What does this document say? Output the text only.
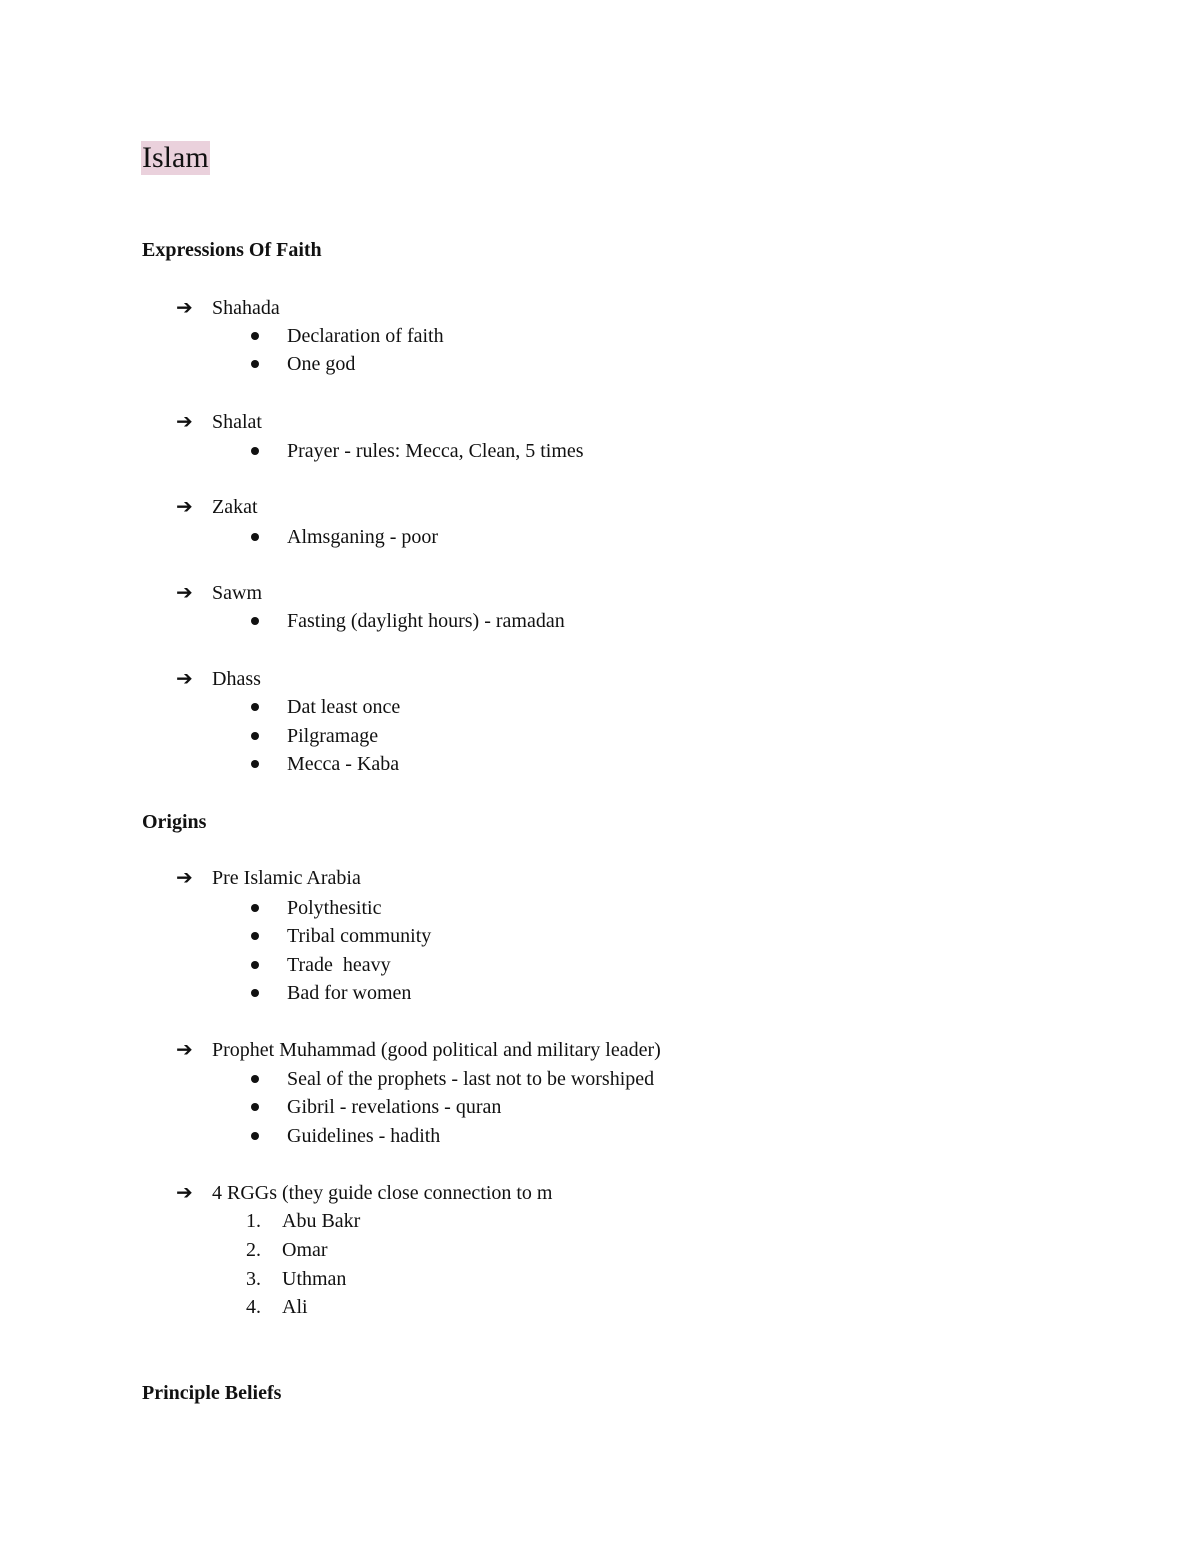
Islam
Expressions Of Faith
➔ Shahada
Declaration of faith
One god
➔ Shalat
Prayer - rules: Mecca, Clean, 5 times
➔ Zakat
Almsganing - poor
➔ Sawm
Fasting (daylight hours) - ramadan
➔ Dhass
Dat least once
Pilgramage
Mecca - Kaba
Origins
➔ Pre Islamic Arabia
Polythesitic
Tribal community
Trade  heavy
Bad for women
➔ Prophet Muhammad (good political and military leader)
Seal of the prophets - last not to be worshiped
Gibril - revelations - quran
Guidelines - hadith
➔ 4 RGGs (they guide close connection to m
1. Abu Bakr
2. Omar
3. Uthman
4. Ali
Principle Beliefs
